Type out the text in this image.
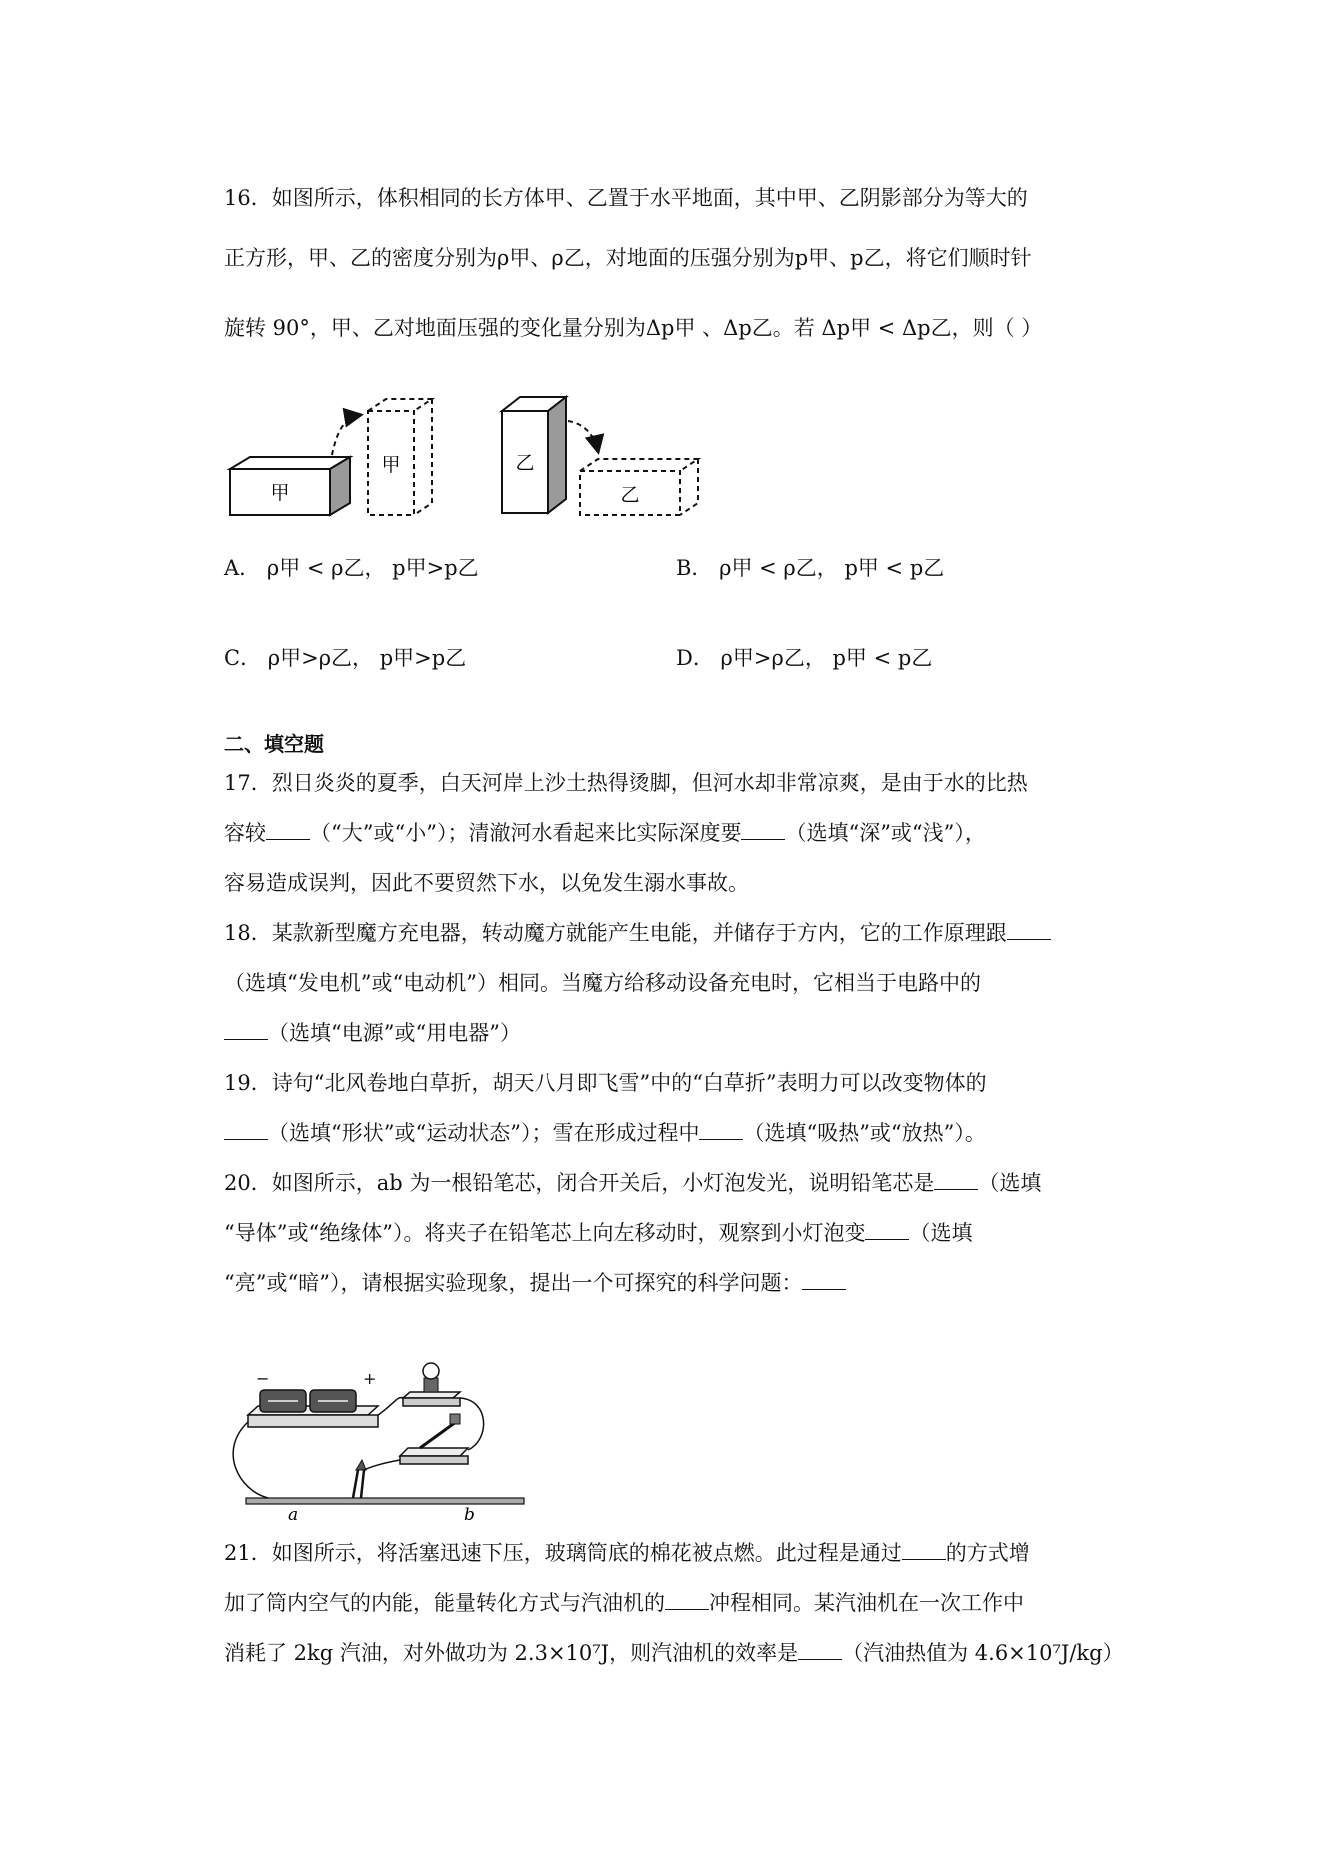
16．如图所示，体积相同的长方体甲、乙置于水平地面，其中甲、乙阴影部分为等大的
正方形，甲、乙的密度分别为ρ甲、ρ乙，对地面的压强分别为p甲、p乙，将它们顺时针
旋转 90°，甲、乙对地面压强的变化量分别为Δp甲 、Δp乙。若 Δp甲 < Δp乙，则（ ）
甲
甲	乙
乙
A． ρ甲 < ρ乙， p甲>p乙	B． ρ甲 < ρ乙， p甲 < p乙
C． ρ甲>ρ乙， p甲>p乙	D． ρ甲>ρ乙， p甲 < p乙
二、填空题
17．烈日炎炎的夏季，白天河岸上沙土热得烫脚，但河水却非常凉爽，是由于水的比热
容较 （“大”或“小”）；清澈河水看起来比实际深度要 （选填“深”或“浅”），
容易造成误判，因此不要贸然下水，以免发生溺水事故。
18．某款新型魔方充电器，转动魔方就能产生电能，并储存于方内，它的工作原理跟
（选填“发电机”或“电动机”）相同。当魔方给移动设备充电时，它相当于电路中的
（选填“电源”或“用电器”）
19．诗句“北风卷地白草折，胡天八月即飞雪”中的“白草折”表明力可以改变物体的
（选填“形状”或“运动状态”）；雪在形成过程中 （选填“吸热”或“放热”）。
20．如图所示，ab 为一根铅笔芯，闭合开关后，小灯泡发光，说明铅笔芯是 （选填
“导体”或“绝缘体”）。将夹子在铅笔芯上向左移动时，观察到小灯泡变 （选填
“亮”或“暗”），请根据实验现象，提出一个可探究的科学问题：
−	+
a	b
21．如图所示，将活塞迅速下压，玻璃筒底的棉花被点燃。此过程是通过 的方式增
加了筒内空气的内能，能量转化方式与汽油机的 冲程相同。某汽油机在一次工作中
消耗了 2kg 汽油，对外做功为 2.3×10⁷J，则汽油机的效率是 （汽油热值为 4.6×10⁷J/kg）
